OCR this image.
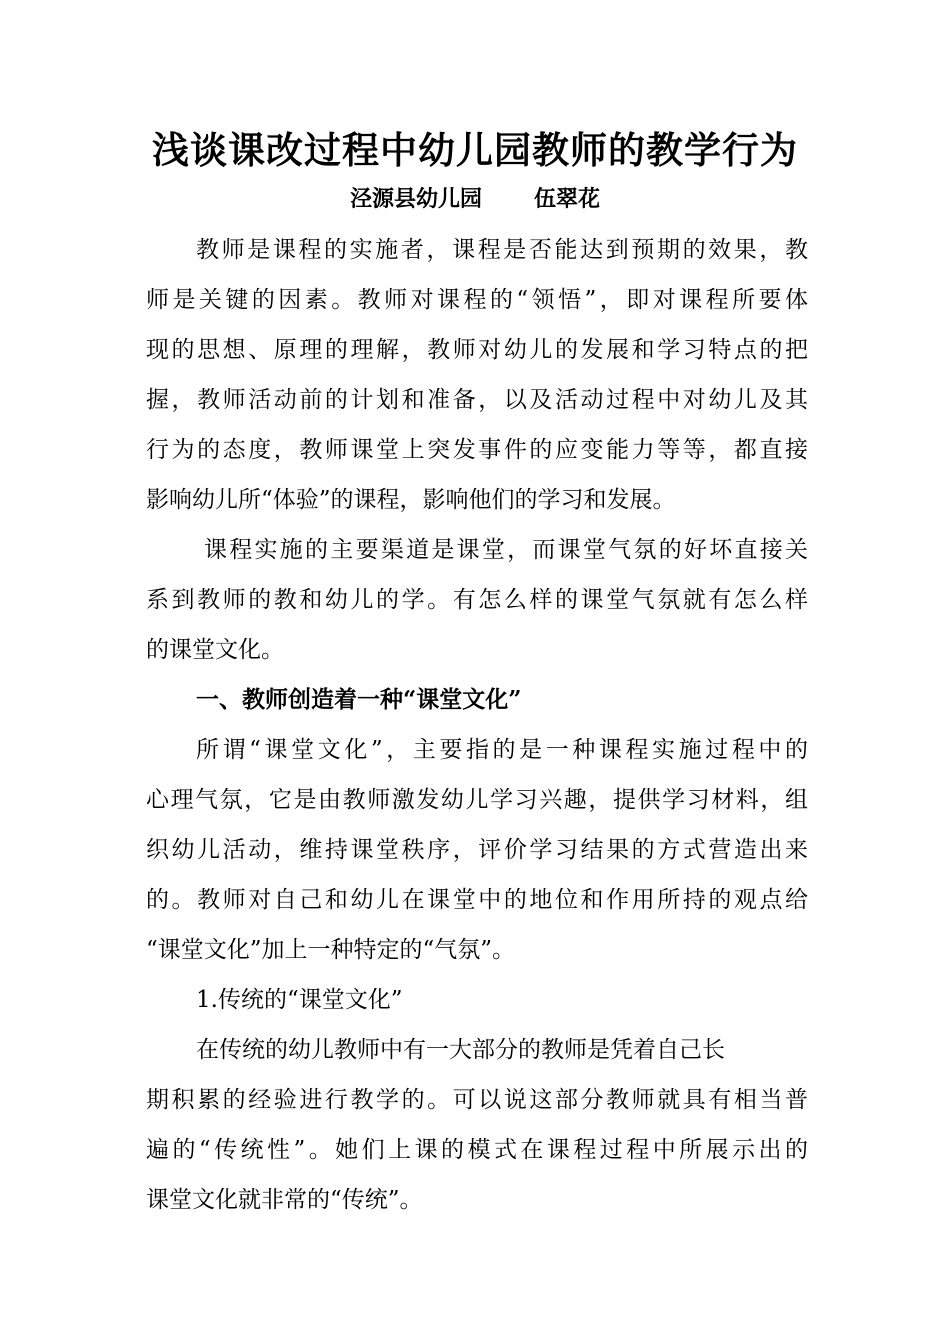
浅谈课改过程中幼儿园教师的教学行为
泾源县幼儿园 伍翠花
教师是课程的实施者，课程是否能达到预期的效果，教
师是关键的因素。教师对课程的“领悟”，即对课程所要体
现的思想、原理的理解，教师对幼儿的发展和学习特点的把
握，教师活动前的计划和准备，以及活动过程中对幼儿及其
行为的态度，教师课堂上突发事件的应变能力等等，都直接
影响幼儿所“体验”的课程，影响他们的学习和发展。
课程实施的主要渠道是课堂，而课堂气氛的好坏直接关
系到教师的教和幼儿的学。有怎么样的课堂气氛就有怎么样
的课堂文化。
一、教师创造着一种“课堂文化”
所谓“课堂文化”，主要指的是一种课程实施过程中的
心理气氛，它是由教师激发幼儿学习兴趣，提供学习材料，组
织幼儿活动，维持课堂秩序，评价学习结果的方式营造出来
的。教师对自己和幼儿在课堂中的地位和作用所持的观点给
“课堂文化”加上一种特定的“气氛”。
1.传统的“课堂文化”
在传统的幼儿教师中有一大部分的教师是凭着自己长
期积累的经验进行教学的。可以说这部分教师就具有相当普
遍的“传统性”。她们上课的模式在课程过程中所展示出的
课堂文化就非常的“传统”。
